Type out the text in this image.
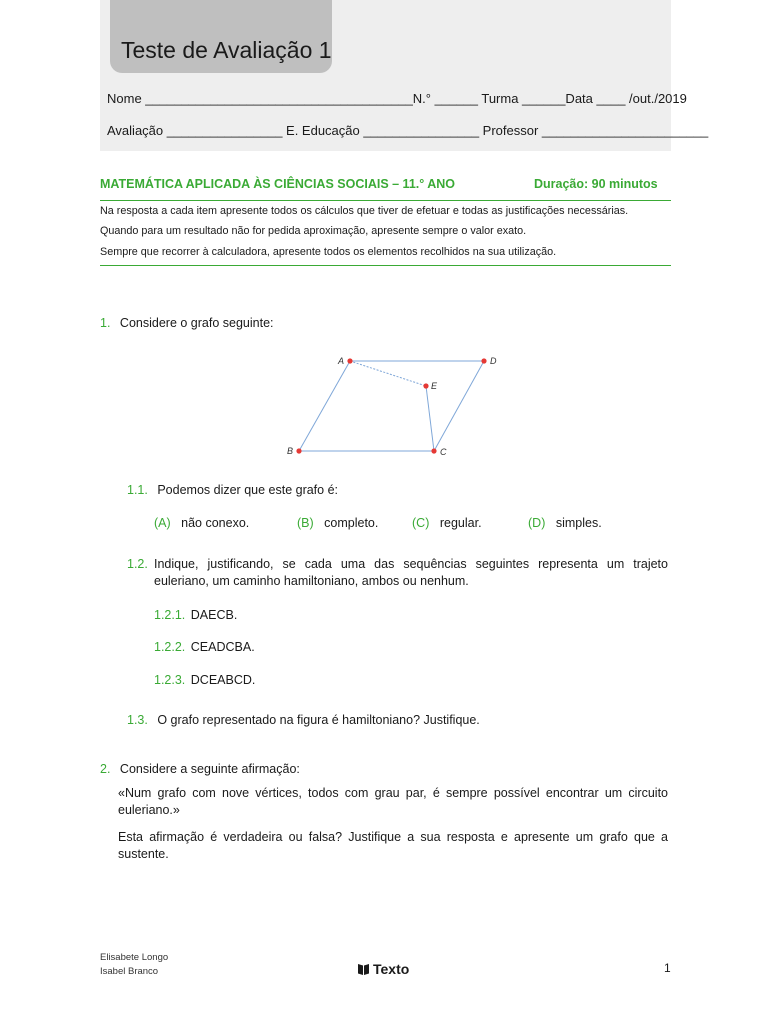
Teste de Avaliação 1
Nome _____________________________________N.° ______ Turma ______Data ____ /out./2019
Avaliação ________________ E. Educação ________________ Professor _______________________
MATEMÁTICA APLICADA ÀS CIÊNCIAS SOCIAIS – 11.° ANO	Duração: 90 minutos
Na resposta a cada item apresente todos os cálculos que tiver de efetuar e todas as justificações necessárias.
Quando para um resultado não for pedida aproximação, apresente sempre o valor exato.
Sempre que recorrer à calculadora, apresente todos os elementos recolhidos na sua utilização.
1. Considere o grafo seguinte:
A	D
E
B	C
1.1. Podemos dizer que este grafo é:
(A) não conexo.	(B) completo.	(C) regular.	(D) simples.
1.2. Indique, justificando, se cada uma das sequências seguintes representa um trajeto euleriano, um caminho hamiltoniano, ambos ou nenhum.
1.2.1. DAECB.
1.2.2. CEADCBA.
1.2.3. DCEABCD.
1.3. O grafo representado na figura é hamiltoniano? Justifique.
2. Considere a seguinte afirmação:
«Num grafo com nove vértices, todos com grau par, é sempre possível encontrar um circuito euleriano.»
Esta afirmação é verdadeira ou falsa? Justifique a sua resposta e apresente um grafo que a sustente.
Elisabete Longo
Isabel Branco	Texto	1
